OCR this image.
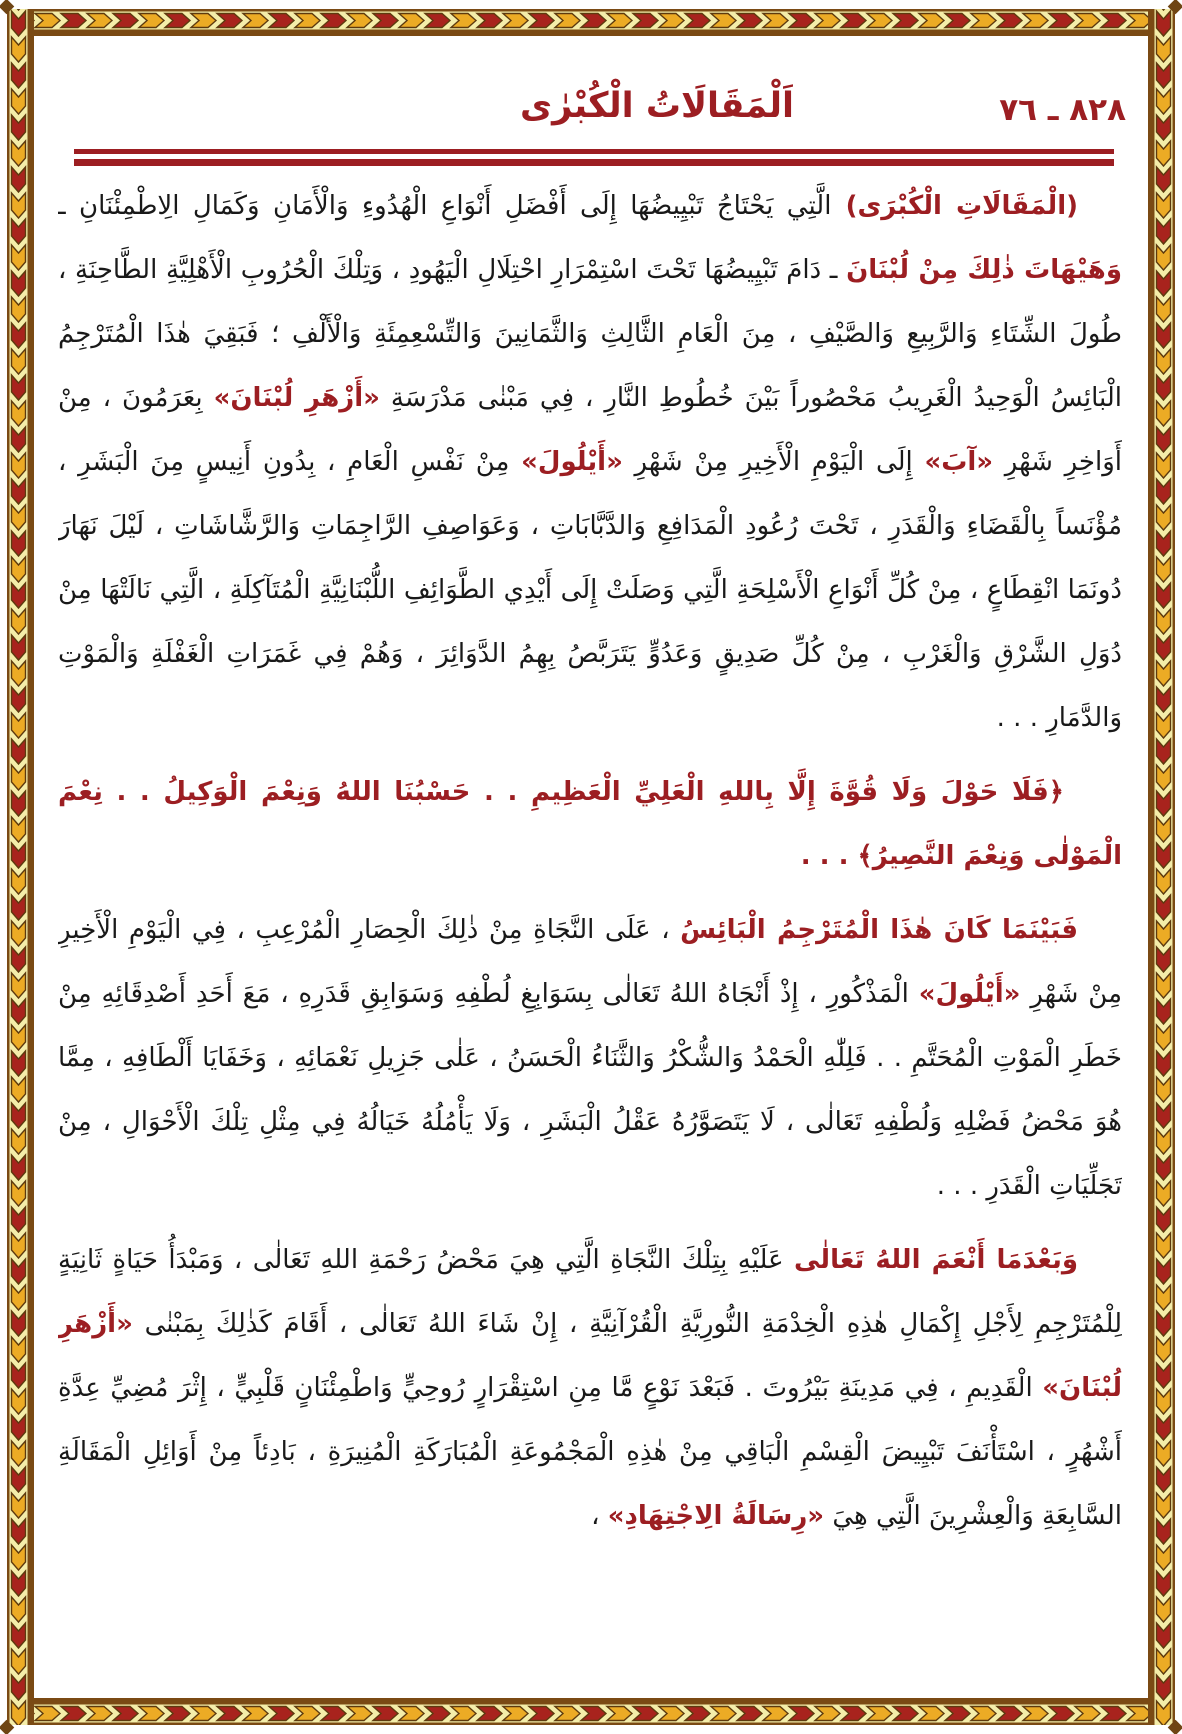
اَلْمَقَالَاتُ الْكُبْرٰى	٨٢٨ ـ ٧٦

(الْمَقَالَاتِ الْكُبْرَى) الَّتِي يَحْتَاجُ تَبْيِيضُهَا إِلَى أَفْضَلِ أَنْوَاعِ الْهُدُوءِ وَالْأَمَانِ وَكَمَالِ الِاطْمِئْنَانِ ـ وَهَيْهَاتَ ذٰلِكَ مِنْ لُبْنَانَ ـ دَامَ تَبْيِيضُهَا تَحْتَ اسْتِمْرَارِ احْتِلَالِ الْيَهُودِ ، وَتِلْكَ الْحُرُوبِ الْأَهْلِيَّةِ الطَّاحِنَةِ ، طُولَ الشِّتَاءِ وَالرَّبِيعِ وَالصَّيْفِ ، مِنَ الْعَامِ الثَّالِثِ وَالثَّمَانِينَ وَالتِّسْعِمِئَةِ وَالْأَلْفِ ؛ فَبَقِيَ هٰذَا الْمُتَرْجِمُ الْبَائِسُ الْوَحِيدُ الْغَرِيبُ مَحْصُوراً بَيْنَ خُطُوطِ النَّارِ ، فِي مَبْنٰى مَدْرَسَةِ «أَزْهَرِ لُبْنَانَ» بِعَرَمُونَ ، مِنْ أَوَاخِرِ شَهْرِ «آبَ» إِلَى الْيَوْمِ الْأَخِيرِ مِنْ شَهْرِ «أَيْلُولَ» مِنْ نَفْسِ الْعَامِ ، بِدُونِ أَنِيسٍ مِنَ الْبَشَرِ ، مُؤْنَساً بِالْقَضَاءِ وَالْقَدَرِ ، تَحْتَ رُعُودِ الْمَدَافِعِ وَالدَّبَّابَاتِ ، وَعَوَاصِفِ الرَّاجِمَاتِ وَالرَّشَّاشَاتِ ، لَيْلَ نَهَارَ دُونَمَا انْقِطَاعٍ ، مِنْ كُلِّ أَنْوَاعِ الْأَسْلِحَةِ الَّتِي وَصَلَتْ إِلَى أَيْدِي الطَّوَائِفِ اللُّبْنَانِيَّةِ الْمُتَآكِلَةِ ، الَّتِي نَالَتْهَا مِنْ دُوَلِ الشَّرْقِ وَالْغَرْبِ ، مِنْ كُلِّ صَدِيقٍ وَعَدُوٍّ يَتَرَبَّصُ بِهِمُ الدَّوَائِرَ ، وَهُمْ فِي غَمَرَاتِ الْغَفْلَةِ وَالْمَوْتِ وَالدَّمَارِ . . .

﴿فَلَا حَوْلَ وَلَا قُوَّةَ إِلَّا بِاللهِ الْعَلِيِّ الْعَظِيمِ . . حَسْبُنَا اللهُ وَنِعْمَ الْوَكِيلُ . . نِعْمَ الْمَوْلٰى وَنِعْمَ النَّصِيرُ﴾ . . .

فَبَيْنَمَا كَانَ هٰذَا الْمُتَرْجِمُ الْبَائِسُ ، عَلَى النَّجَاةِ مِنْ ذٰلِكَ الْحِصَارِ الْمُرْعِبِ ، فِي الْيَوْمِ الْأَخِيرِ مِنْ شَهْرِ «أَيْلُولَ» الْمَذْكُورِ ، إِذْ أَنْجَاهُ اللهُ تَعَالٰى بِسَوَابِغِ لُطْفِهِ وَسَوَابِقِ قَدَرِهِ ، مَعَ أَحَدِ أَصْدِقَائِهِ مِنْ خَطَرِ الْمَوْتِ الْمُحَتَّمِ . . فَلِلّٰهِ الْحَمْدُ وَالشُّكْرُ وَالثَّنَاءُ الْحَسَنُ ، عَلٰى جَزِيلِ نَعْمَائِهِ ، وَخَفَايَا أَلْطَافِهِ ، مِمَّا هُوَ مَحْضُ فَضْلِهِ وَلُطْفِهِ تَعَالٰى ، لَا يَتَصَوَّرُهُ عَقْلُ الْبَشَرِ ، وَلَا يَأْمُلُهُ خَيَالُهُ فِي مِثْلِ تِلْكَ الْأَحْوَالِ ، مِنْ تَجَلِّيَاتِ الْقَدَرِ . . .

وَبَعْدَمَا أَنْعَمَ اللهُ تَعَالٰى عَلَيْهِ بِتِلْكَ النَّجَاةِ الَّتِي هِيَ مَحْضُ رَحْمَةِ اللهِ تَعَالٰى ، وَمَبْدَأُ حَيَاةٍ ثَانِيَةٍ لِلْمُتَرْجِمِ لِأَجْلِ إِكْمَالِ هٰذِهِ الْخِدْمَةِ النُّورِيَّةِ الْقُرْآنِيَّةِ ، إِنْ شَاءَ اللهُ تَعَالٰى ، أَقَامَ كَذٰلِكَ بِمَبْنٰى «أَزْهَرِ لُبْنَانَ» الْقَدِيمِ ، فِي مَدِينَةِ بَيْرُوتَ . فَبَعْدَ نَوْعٍ مَّا مِنِ اسْتِقْرَارٍ رُوحِيٍّ وَاطْمِئْنَانٍ قَلْبِيٍّ ، إِثْرَ مُضِيِّ عِدَّةِ أَشْهُرٍ ، اسْتَأْنَفَ تَبْيِيضَ الْقِسْمِ الْبَاقِي مِنْ هٰذِهِ الْمَجْمُوعَةِ الْمُبَارَكَةِ الْمُنِيرَةِ ، بَادِئاً مِنْ أَوَائِلِ الْمَقَالَةِ السَّابِعَةِ وَالْعِشْرِينَ الَّتِي هِيَ «رِسَالَةُ الِاجْتِهَادِ» ،
